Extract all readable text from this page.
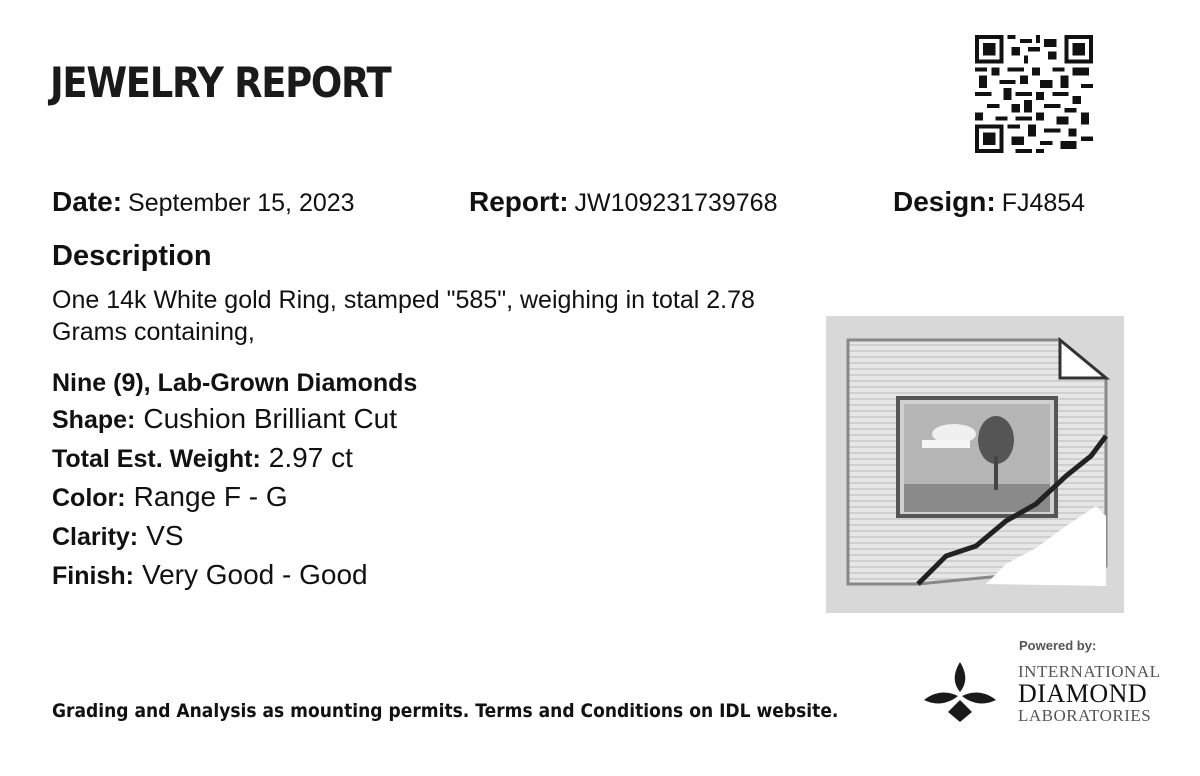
JEWELRY REPORT
Date: September 15, 2023	Report: JW109231739768	Design: FJ4854
Description
One 14k White gold Ring, stamped "585", weighing in total 2.78 Grams containing,
Nine (9), Lab-Grown Diamonds
Shape: Cushion Brilliant Cut
Total Est. Weight: 2.97 ct
Color: Range F - G
Clarity: VS
Finish: Very Good - Good
Grading and Analysis as mounting permits. Terms and Conditions on IDL website.
Powered by:
INTERNATIONAL
DIAMOND
LABORATORIES
